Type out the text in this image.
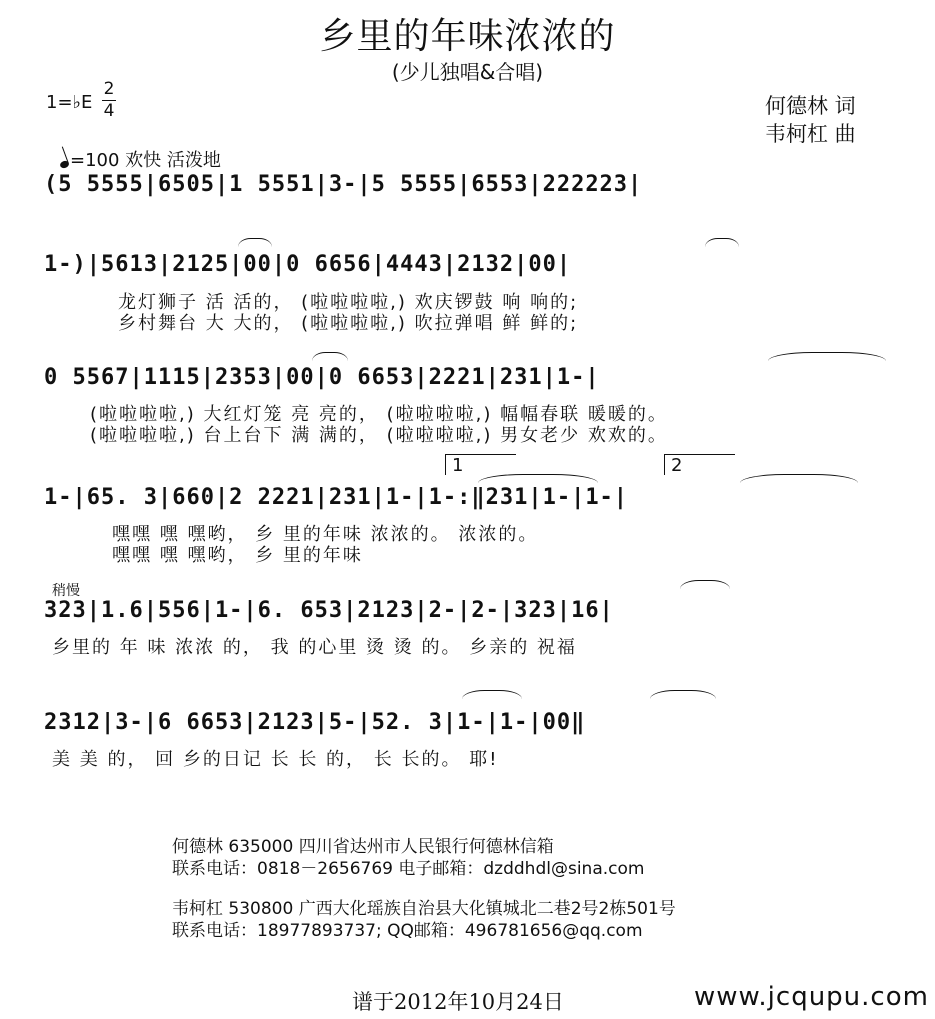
乡里的年味浓浓的
(少儿独唱&合唱)
1=♭E
2
4	何德林 词
韦柯杠 曲
=100 欢快 活泼地
(5 5555|6505|1 5551|3-|5 5555|6553|222223|
1-)|5613|2125|00|0 6656|4443|2132|00|
龙灯狮子 活 活的， (啦啦啦啦,) 欢庆锣鼓 响 响的;
乡村舞台 大 大的， (啦啦啦啦,) 吹拉弹唱 鲜 鲜的;
0 5567|1115|2353|00|0 6653|2221|231|1-|
(啦啦啦啦,) 大红灯笼 亮 亮的， (啦啦啦啦,) 幅幅春联 暖暖的。
(啦啦啦啦,) 台上台下 满 满的， (啦啦啦啦,) 男女老少 欢欢的。
1	2
1-|65. 3|660|2 2221|231|1-|1-:‖231|1-|1-|
嘿嘿 嘿 嘿哟， 乡 里的年味 浓浓的。 浓浓的。
嘿嘿 嘿 嘿哟， 乡 里的年味
稍慢
323|1.6|556|1-|6. 653|2123|2-|2-|323|16|
乡里的 年 味 浓浓 的， 我 的心里 烫 烫 的。 乡亲的 祝福
2312|3-|6 6653|2123|5-|52. 3|1-|1-|00‖
美 美 的， 回 乡的日记 长 长 的， 长 长的。 耶!
何德林 635000 四川省达州市人民银行何德林信箱
联系电话：0818－2656769 电子邮箱：dzddhdl@sina.com
韦柯杠 530800 广西大化瑶族自治县大化镇城北二巷2号2栋501号
联系电话：18977893737; QQ邮箱：496781656@qq.com
谱于2012年10月24日	www.jcqupu.com
